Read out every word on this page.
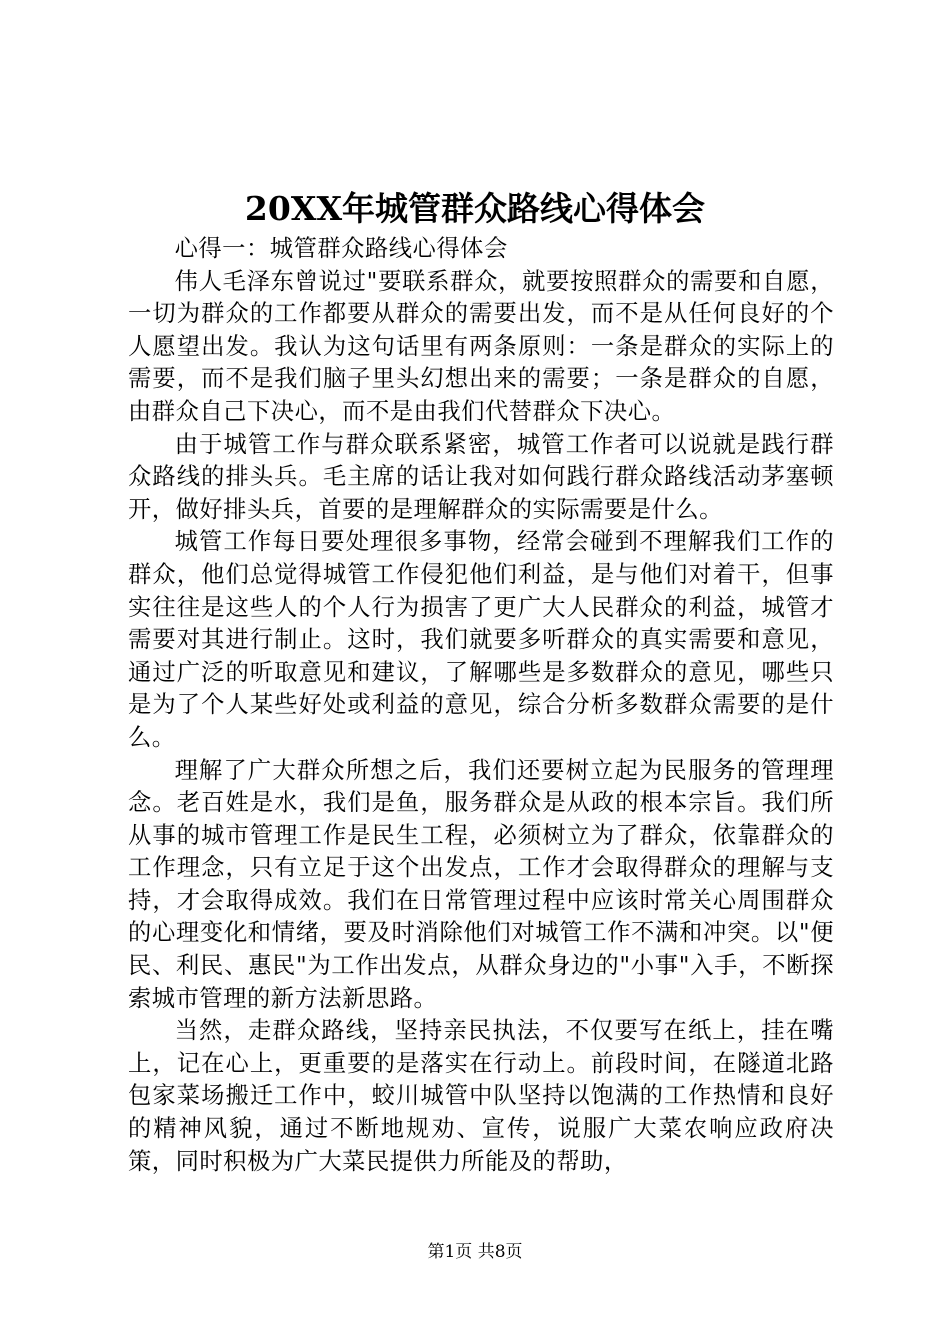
20XX年城管群众路线心得体会

心得一：城管群众路线心得体会

伟人毛泽东曾说过"要联系群众，就要按照群众的需要和自愿，一切为群众的工作都要从群众的需要出发，而不是从任何良好的个人愿望出发。我认为这句话里有两条原则：一条是群众的实际上的需要，而不是我们脑子里头幻想出来的需要；一条是群众的自愿，由群众自己下决心，而不是由我们代替群众下决心。

由于城管工作与群众联系紧密，城管工作者可以说就是践行群众路线的排头兵。毛主席的话让我对如何践行群众路线活动茅塞顿开，做好排头兵，首要的是理解群众的实际需要是什么。

城管工作每日要处理很多事物，经常会碰到不理解我们工作的群众，他们总觉得城管工作侵犯他们利益，是与他们对着干，但事实往往是这些人的个人行为损害了更广大人民群众的利益，城管才需要对其进行制止。这时，我们就要多听群众的真实需要和意见，通过广泛的听取意见和建议，了解哪些是多数群众的意见，哪些只是为了个人某些好处或利益的意见，综合分析多数群众需要的是什么。

理解了广大群众所想之后，我们还要树立起为民服务的管理理念。老百姓是水，我们是鱼，服务群众是从政的根本宗旨。我们所从事的城市管理工作是民生工程，必须树立为了群众，依靠群众的工作理念，只有立足于这个出发点，工作才会取得群众的理解与支持，才会取得成效。我们在日常管理过程中应该时常关心周围群众的心理变化和情绪，要及时消除他们对城管工作不满和冲突。以"便民、利民、惠民"为工作出发点，从群众身边的"小事"入手，不断探索城市管理的新方法新思路。

当然，走群众路线，坚持亲民执法，不仅要写在纸上，挂在嘴上，记在心上，更重要的是落实在行动上。前段时间，在隧道北路包家菜场搬迁工作中，蛟川城管中队坚持以饱满的工作热情和良好的精神风貌，通过不断地规劝、宣传，说服广大菜农响应政府决策，同时积极为广大菜民提供力所能及的帮助，

第1页 共8页
